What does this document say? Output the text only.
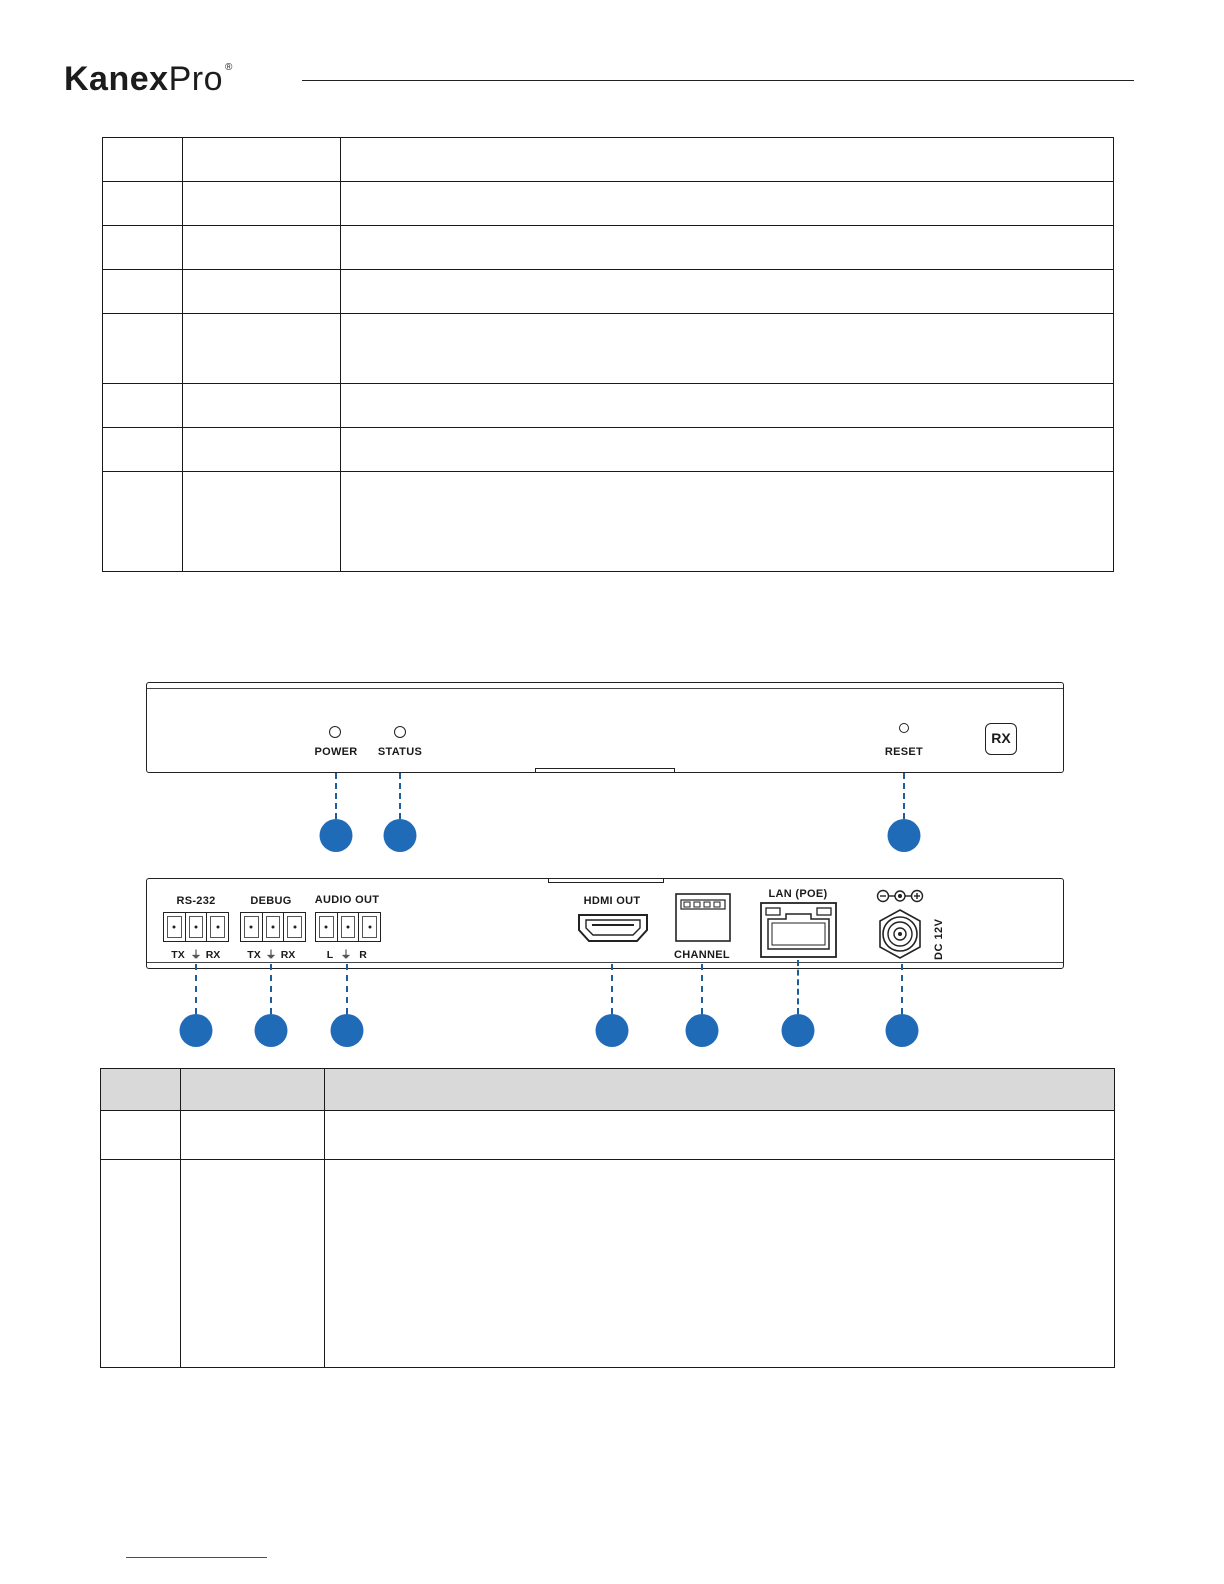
KanexPro ®

POWER STATUS	RESET
RX
RS-232
TX ⏚ RX
DEBUG
TX ⏚ RX
AUDIO OUT
L ⏚ R
HDMI OUT
CHANNEL
LAN (POE)
DC 12V
